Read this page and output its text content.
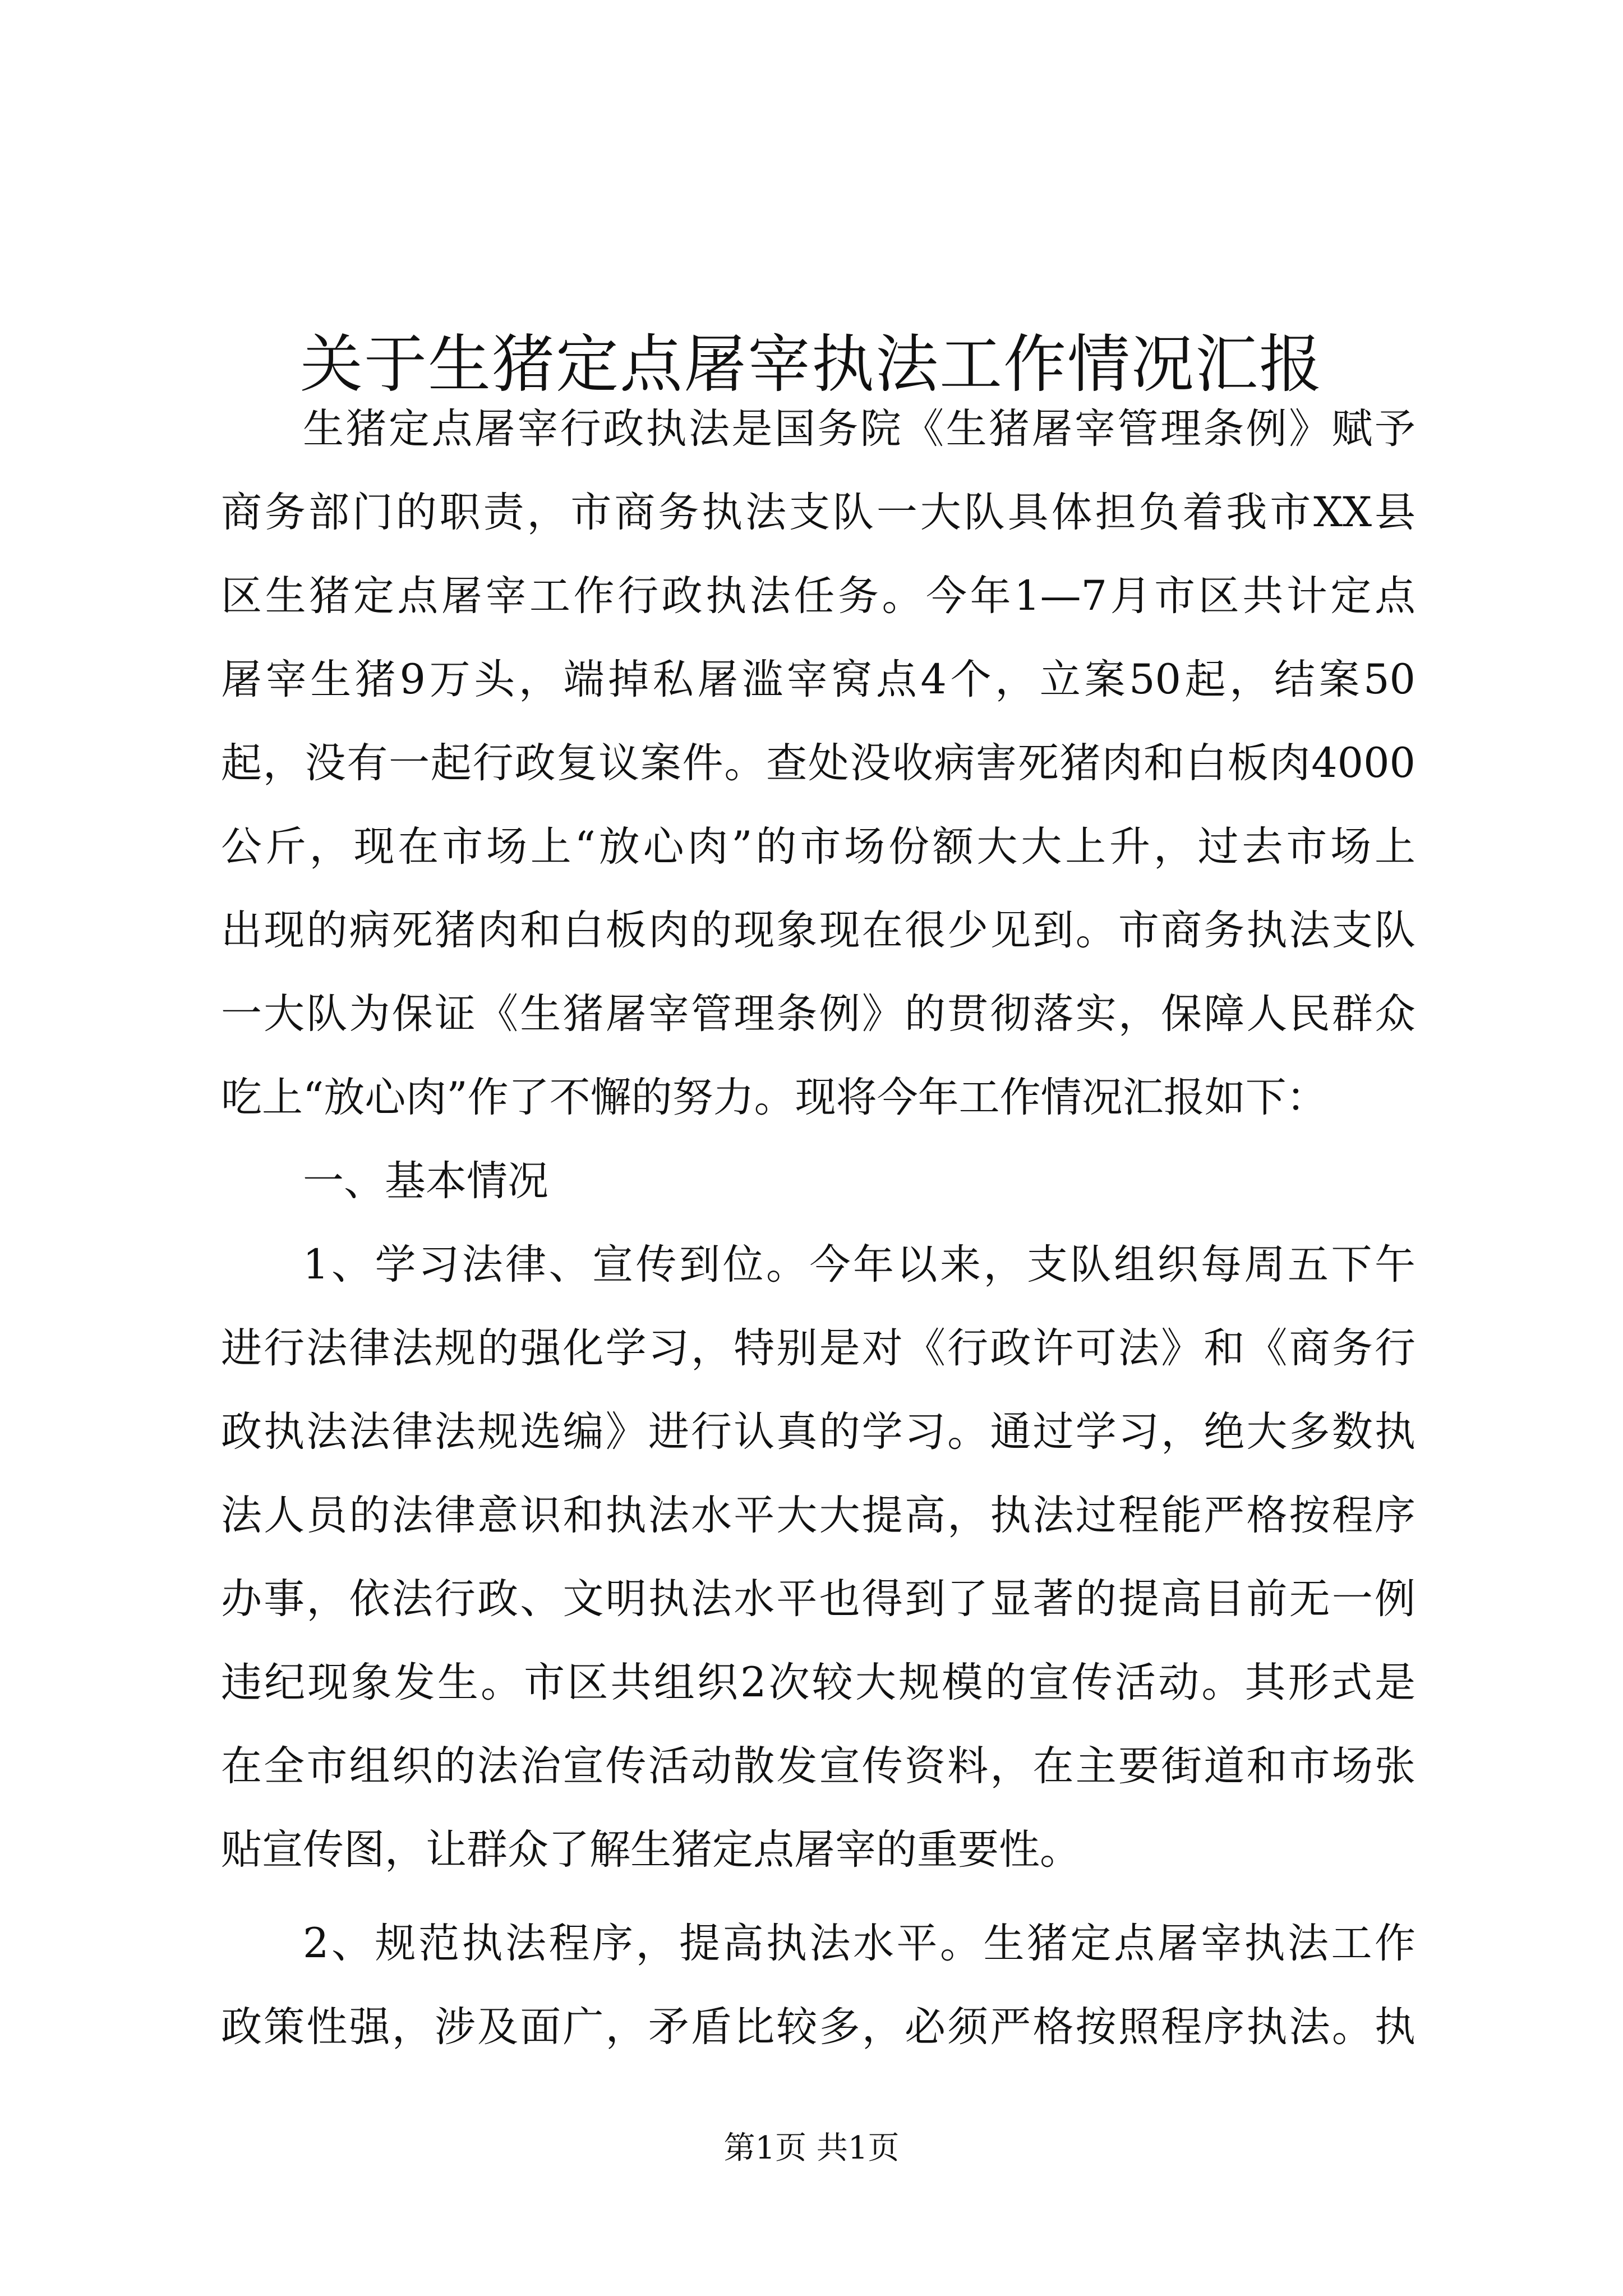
关于生猪定点屠宰执法工作情况汇报
生猪定点屠宰行政执法是国务院《生猪屠宰管理条例》赋予
商务部门的职责，市商务执法支队一大队具体担负着我市XX县
区生猪定点屠宰工作行政执法任务。今年1—7月市区共计定点
屠宰生猪9万头，端掉私屠滥宰窝点4个，立案50起，结案50
起，没有一起行政复议案件。查处没收病害死猪肉和白板肉4000
公斤，现在市场上“放心肉”的市场份额大大上升，过去市场上
出现的病死猪肉和白板肉的现象现在很少见到。市商务执法支队
一大队为保证《生猪屠宰管理条例》的贯彻落实，保障人民群众
吃上“放心肉”作了不懈的努力。现将今年工作情况汇报如下：
一、基本情况
1、学习法律、宣传到位。今年以来，支队组织每周五下午
进行法律法规的强化学习，特别是对《行政许可法》和《商务行
政执法法律法规选编》进行认真的学习。通过学习，绝大多数执
法人员的法律意识和执法水平大大提高，执法过程能严格按程序
办事，依法行政、文明执法水平也得到了显著的提高目前无一例
违纪现象发生。市区共组织2次较大规模的宣传活动。其形式是
在全市组织的法治宣传活动散发宣传资料，在主要街道和市场张
贴宣传图，让群众了解生猪定点屠宰的重要性。
2、规范执法程序，提高执法水平。生猪定点屠宰执法工作
政策性强，涉及面广，矛盾比较多，必须严格按照程序执法。执
第1页 共1页
